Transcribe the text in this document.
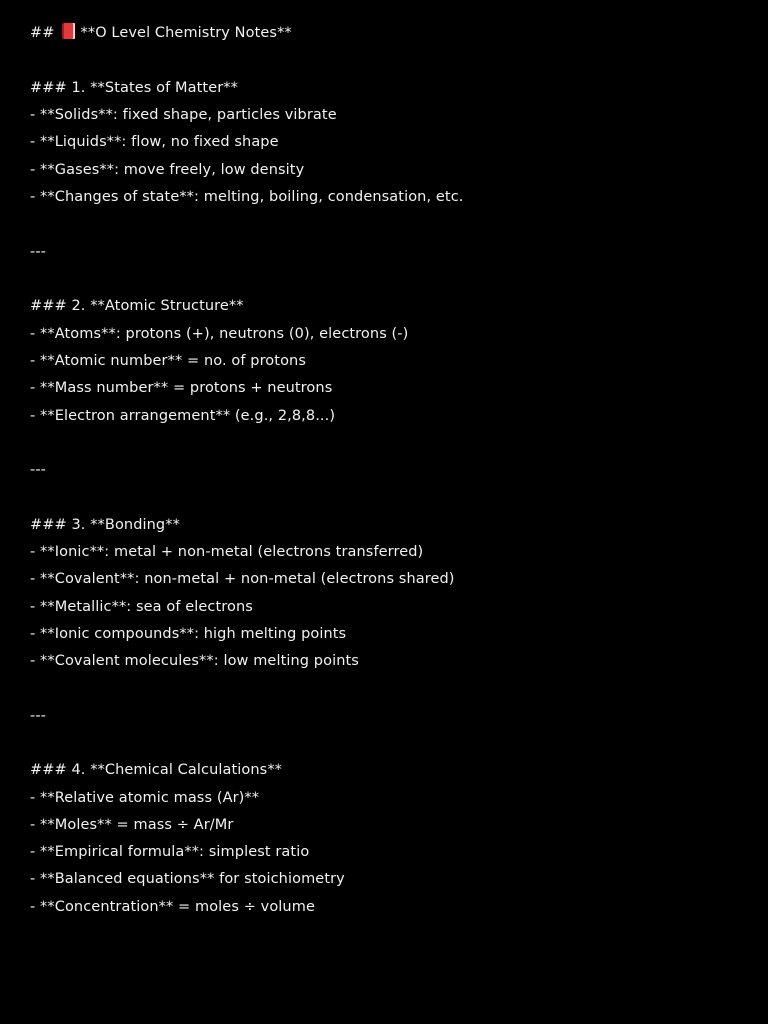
## **O Level Chemistry Notes**
### 1. **States of Matter**
- **Solids**: fixed shape, particles vibrate
- **Liquids**: flow, no fixed shape
- **Gases**: move freely, low density
- **Changes of state**: melting, boiling, condensation, etc.
---
### 2. **Atomic Structure**
- **Atoms**: protons (+), neutrons (0), electrons (-)
- **Atomic number** = no. of protons
- **Mass number** = protons + neutrons
- **Electron arrangement** (e.g., 2,8,8...)
---
### 3. **Bonding**
- **Ionic**: metal + non-metal (electrons transferred)
- **Covalent**: non-metal + non-metal (electrons shared)
- **Metallic**: sea of electrons
- **Ionic compounds**: high melting points
- **Covalent molecules**: low melting points
---
### 4. **Chemical Calculations**
- **Relative atomic mass (Ar)**
- **Moles** = mass ÷ Ar/Mr
- **Empirical formula**: simplest ratio
- **Balanced equations** for stoichiometry
- **Concentration** = moles ÷ volume
